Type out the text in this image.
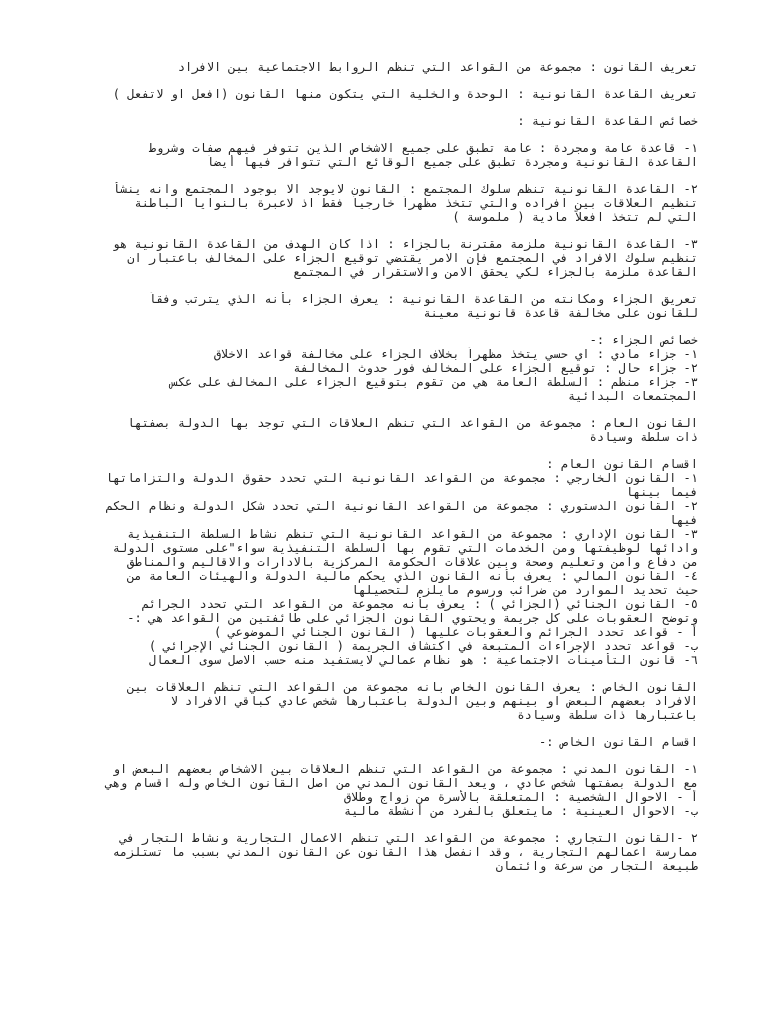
تعريف القانون : مجموعة من القواعد التي تنظم الروابط الاجتماعية بين الافراد
تعريف القاعدة القانونية : الوحدة والخلية التي يتكون منها القانون (افعل او لاتفعل )
خصائص القاعدة القانونية :
١- قاعدة عامة ومجردة : عامة تطبق على جميع الاشخاص الذين تتوفر فيهم صفات وشروط
القاعدة القانونية ومجردة تطبق على جميع الوقائع التي تتوافر فيها أيضاً
٢- القاعدة القانونية تنظم سلوك المجتمع : القانون لايوجد الا بوجود المجتمع وانه ينشأ
تنظيم العلاقات بين افراده والتي تتخذ مظهراً خارجياً فقط اذ لاعبرة بالنوايا الباطنة
التي لم تتخذ افعلاً مادية ( ملموسة )
٣- القاعدة القانونية ملزمة مقترنة بالجزاء : اذا كان الهدف من القاعدة القانونية هو
تنظيم سلوك الافراد في المجتمع فإن الامر يقتضي توقيع الجزاء على المخالف باعتبار ان
القاعدة ملزمة بالجزاء لكي يحقق الامن والاستقرار في المجتمع
تعريق الجزاء ومكانته من القاعدة القانونية : يعرف الجزاء بأنه الذي يترتب وفقاً
للقانون على مخالفة قاعدة قانونية معينة
خصائص الجزاء :-
١- جزاء مادي : اي حسي يتخذ مظهراً بخلاف الجزاء على مخالفة قواعد الاخلاق
٢- جزاء حال : توقيع الجزاء على المخالف فور حدوث المخالفة
٣- جزاء منظم : السلطة العامة هي من تقوم بتوقيع الجزاء على المخالف على عكس
المجتمعات البدائية
القانون العام : مجموعة من القواعد التي تنظم العلاقات التي توجد بها الدولة بصفتها
ذات سلطة وسيادة
اقسام القانون العام :
١- القانون الخارجي : مجموعة من القواعد القانونية التي تحدد حقوق الدولة والتزاماتها
فيما بينها
٢- القانون الدستوري : مجموعة من القواعد القانونية التي تحدد شكل الدولة ونظام الحكم
فيها
٣- القانون الإداري : مجموعة من القواعد القانونية التي تنظم نشاط السلطة التنفيذية
وادائها لوظيفتها ومن الخدمات التي تقوم بها السلطة التنفيذية سواء"على مستوى الدولة
من دفاع وامن وتعليم وصحة وبين علاقات الحكومة المركزية بالادارات والاقاليم والمناطق
٤- القانون المالي : يعرف بأنه القانون الذي يحكم مالية الدولة والهيئات العامة من
حيث تحديد الموارد من ضرائب ورسوم مايلزم لتحصيلها
٥- القانون الجنائي (الجزائي ) : يعرف بأنه مجموعة من القواعد التي تحدد الجرائم
وتوضح العقوبات على كل جريمة ويحتوي القانون الجزائي على طائفتين من القواعد هي :-
أ - قواعد تحدد الجرائم والعقوبات عليها ( القانون الجنائي الموضوعي )
ب- قواعد تحدد الإجراءات المتبعة في اكتشاف الجريمة ( القانون الجنائي الإجرائي )
٦- قانون التأمينات الاجتماعية : هو نظام عمالي لايستفيد منه حسب الاصل سوى العمال
القانون الخاص : يعرف القانون الخاص بانه مجموعة من القواعد التي تنظم العلاقات بين
الافراد بعضهم البعض او بينهم وبين الدولة باعتبارها شخص عادي كباقي الافراد لا
باعتبارها ذات سلطة وسيادة
اقسام القانون الخاص :-
١- القانون المدني : مجموعة من القواعد التي تنظم العلاقات بين الاشخاص بعضهم البعض او
مع الدولة بصفتها شخص عادي ، ويعد القانون المدني من اصل القانون الخاص وله اقسام وهي
أ - الاحوال الشخصية : المتعلقة بالأسرة من زواج وطلاق
ب- الاحوال العينية : مايتعلق بالفرد من أنشطة مالية
٢ -القانون التجاري : مجموعة من القواعد التي تنظم الاعمال التجارية ونشاط التجار في
ممارسة اعمالهم التجارية ، وقد انفصل هذا القانون عن القانون المدني بسبب ما تستلزمه
طبيعة التجار من سرعة وائتمان
